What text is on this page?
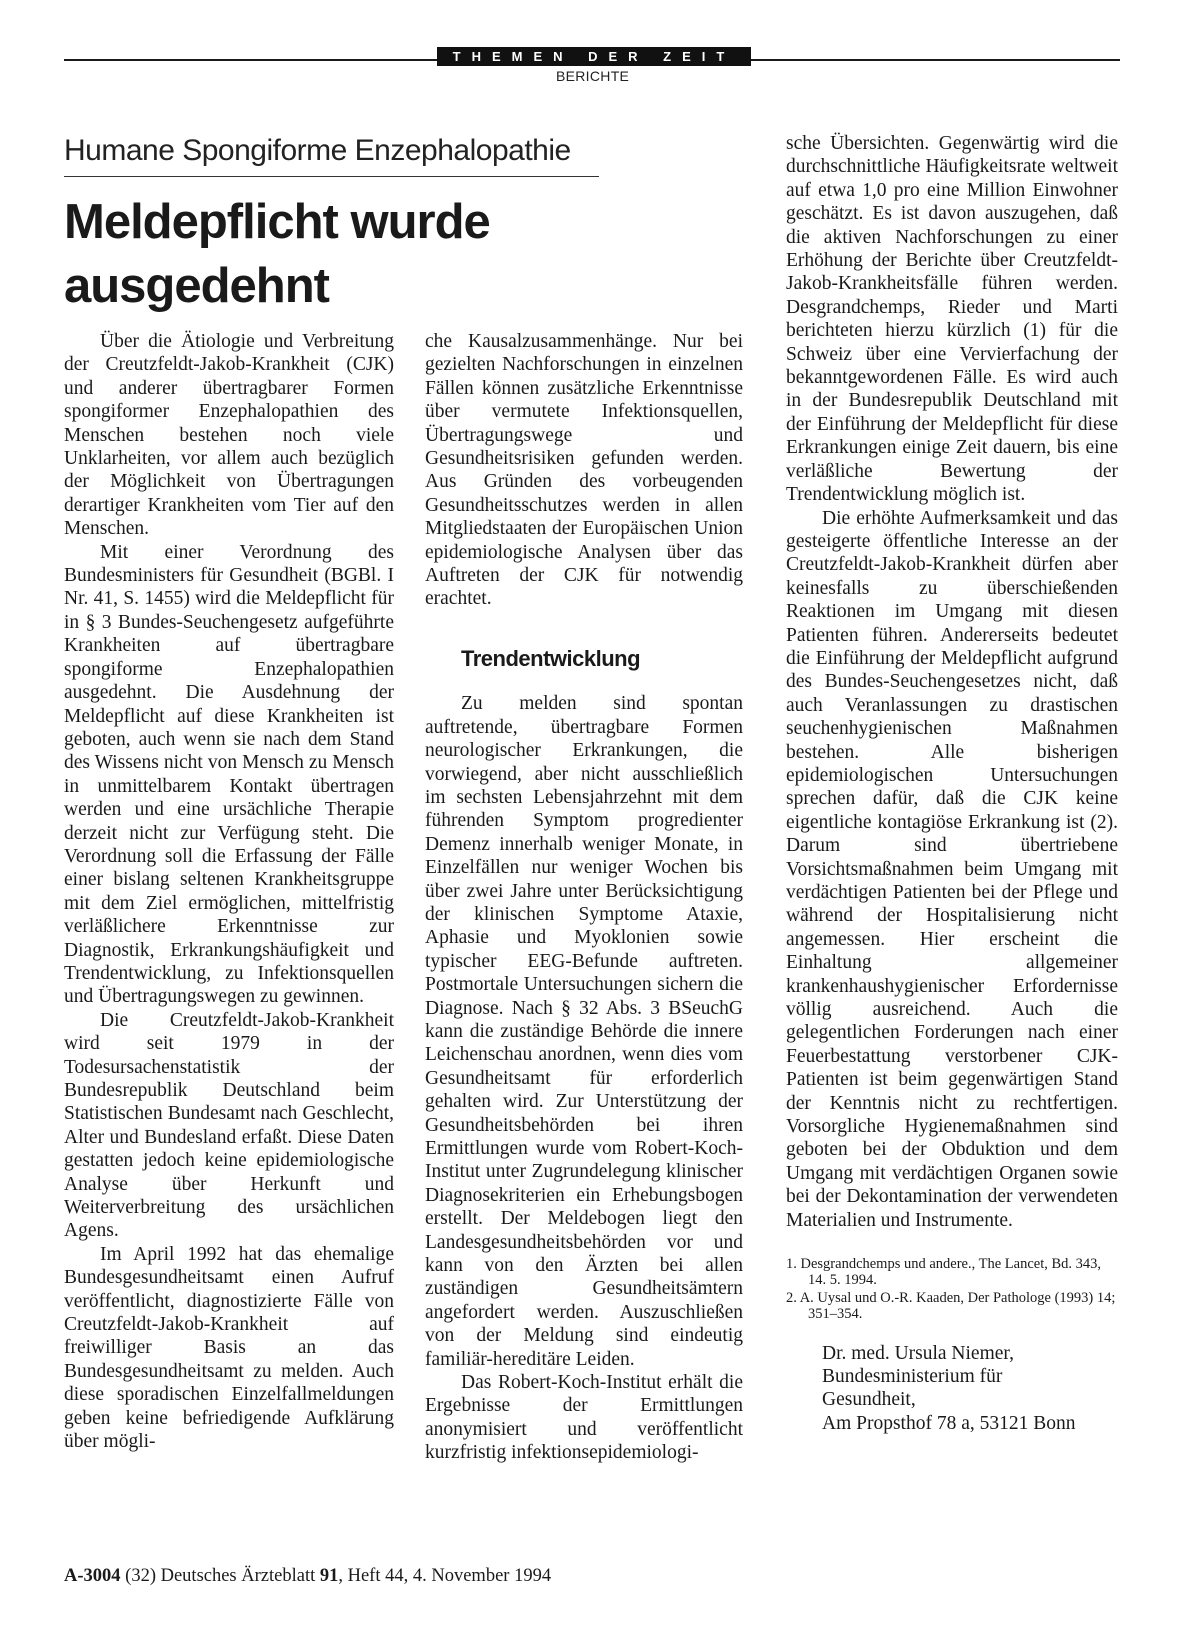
THEMEN DER ZEIT
BERICHTE
Humane Spongiforme Enzephalopathie
Meldepflicht wurde ausgedehnt

Über die Ätiologie und Verbreitung der Creutzfeldt-Jakob-Krankheit (CJK) und anderer übertragbarer Formen spongiformer Enzephalopathien des Menschen bestehen noch viele Unklarheiten, vor allem auch bezüglich der Möglichkeit von Übertragungen derartiger Krankheiten vom Tier auf den Menschen.

Mit einer Verordnung des Bundesministers für Gesundheit (BGBl. I Nr. 41, S. 1455) wird die Meldepflicht für in § 3 Bundes-Seuchengesetz aufgeführte Krankheiten auf übertragbare spongiforme Enzephalopathien ausgedehnt. Die Ausdehnung der Meldepflicht auf diese Krankheiten ist geboten, auch wenn sie nach dem Stand des Wissens nicht von Mensch zu Mensch in unmittelbarem Kontakt übertragen werden und eine ursächliche Therapie derzeit nicht zur Verfügung steht. Die Verordnung soll die Erfassung der Fälle einer bislang seltenen Krankheitsgruppe mit dem Ziel ermöglichen, mittelfristig verläßlichere Erkenntnisse zur Diagnostik, Erkrankungshäufigkeit und Trendentwicklung, zu Infektionsquellen und Übertragungswegen zu gewinnen.

Die Creutzfeldt-Jakob-Krankheit wird seit 1979 in der Todesursachenstatistik der Bundesrepublik Deutschland beim Statistischen Bundesamt nach Geschlecht, Alter und Bundesland erfaßt. Diese Daten gestatten jedoch keine epidemiologische Analyse über Herkunft und Weiterverbreitung des ursächlichen Agens.

Im April 1992 hat das ehemalige Bundesgesundheitsamt einen Aufruf veröffentlicht, diagnostizierte Fälle von Creutzfeldt-Jakob-Krankheit auf freiwilliger Basis an das Bundesgesundheitsamt zu melden. Auch diese sporadischen Einzelfallmeldungen geben keine befriedigende Aufklärung über mögli-

che Kausalzusammenhänge. Nur bei gezielten Nachforschungen in einzelnen Fällen können zusätzliche Erkenntnisse über vermutete Infektionsquellen, Übertragungswege und Gesundheitsrisiken gefunden werden. Aus Gründen des vorbeugenden Gesundheitsschutzes werden in allen Mitgliedstaaten der Europäischen Union epidemiologische Analysen über das Auftreten der CJK für notwendig erachtet.

Trendentwicklung

Zu melden sind spontan auftretende, übertragbare Formen neurologischer Erkrankungen, die vorwiegend, aber nicht ausschließlich im sechsten Lebensjahrzehnt mit dem führenden Symptom progredienter Demenz innerhalb weniger Monate, in Einzelfällen nur weniger Wochen bis über zwei Jahre unter Berücksichtigung der klinischen Symptome Ataxie, Aphasie und Myoklonien sowie typischer EEG-Befunde auftreten. Postmortale Untersuchungen sichern die Diagnose. Nach § 32 Abs. 3 BSeuchG kann die zuständige Behörde die innere Leichenschau anordnen, wenn dies vom Gesundheitsamt für erforderlich gehalten wird. Zur Unterstützung der Gesundheitsbehörden bei ihren Ermittlungen wurde vom Robert-Koch-Institut unter Zugrundelegung klinischer Diagnosekriterien ein Erhebungsbogen erstellt. Der Meldebogen liegt den Landesgesundheitsbehörden vor und kann von den Ärzten bei allen zuständigen Gesundheitsämtern angefordert werden. Auszuschließen von der Meldung sind eindeutig familiär-hereditäre Leiden.

Das Robert-Koch-Institut erhält die Ergebnisse der Ermittlungen anonymisiert und veröffentlicht kurzfristig infektionsepidemiologi-

sche Übersichten. Gegenwärtig wird die durchschnittliche Häufigkeitsrate weltweit auf etwa 1,0 pro eine Million Einwohner geschätzt. Es ist davon auszugehen, daß die aktiven Nachforschungen zu einer Erhöhung der Berichte über Creutzfeldt-Jakob-Krankheitsfälle führen werden. Desgrandchemps, Rieder und Marti berichteten hierzu kürzlich (1) für die Schweiz über eine Vervierfachung der bekanntgewordenen Fälle. Es wird auch in der Bundesrepublik Deutschland mit der Einführung der Meldepflicht für diese Erkrankungen einige Zeit dauern, bis eine verläßliche Bewertung der Trendentwicklung möglich ist.

Die erhöhte Aufmerksamkeit und das gesteigerte öffentliche Interesse an der Creutzfeldt-Jakob-Krankheit dürfen aber keinesfalls zu überschießenden Reaktionen im Umgang mit diesen Patienten führen. Andererseits bedeutet die Einführung der Meldepflicht aufgrund des Bundes-Seuchengesetzes nicht, daß auch Veranlassungen zu drastischen seuchenhygienischen Maßnahmen bestehen. Alle bisherigen epidemiologischen Untersuchungen sprechen dafür, daß die CJK keine eigentliche kontagiöse Erkrankung ist (2). Darum sind übertriebene Vorsichtsmaßnahmen beim Umgang mit verdächtigen Patienten bei der Pflege und während der Hospitalisierung nicht angemessen. Hier erscheint die Einhaltung allgemeiner krankenhaushygienischer Erfordernisse völlig ausreichend. Auch die gelegentlichen Forderungen nach einer Feuerbestattung verstorbener CJK-Patienten ist beim gegenwärtigen Stand der Kenntnis nicht zu rechtfertigen. Vorsorgliche Hygienemaßnahmen sind geboten bei der Obduktion und dem Umgang mit verdächtigen Organen sowie bei der Dekontamination der verwendeten Materialien und Instrumente.

1. Desgrandchemps und andere., The Lancet, Bd. 343, 14. 5. 1994.
2. A. Uysal und O.-R. Kaaden, Der Pathologe (1993) 14; 351–354.
Dr. med. Ursula Niemer,
Bundesministerium für
Gesundheit,
Am Propsthof 78 a, 53121 Bonn
A-3004 (32) Deutsches Ärzteblatt 91, Heft 44, 4. November 1994
